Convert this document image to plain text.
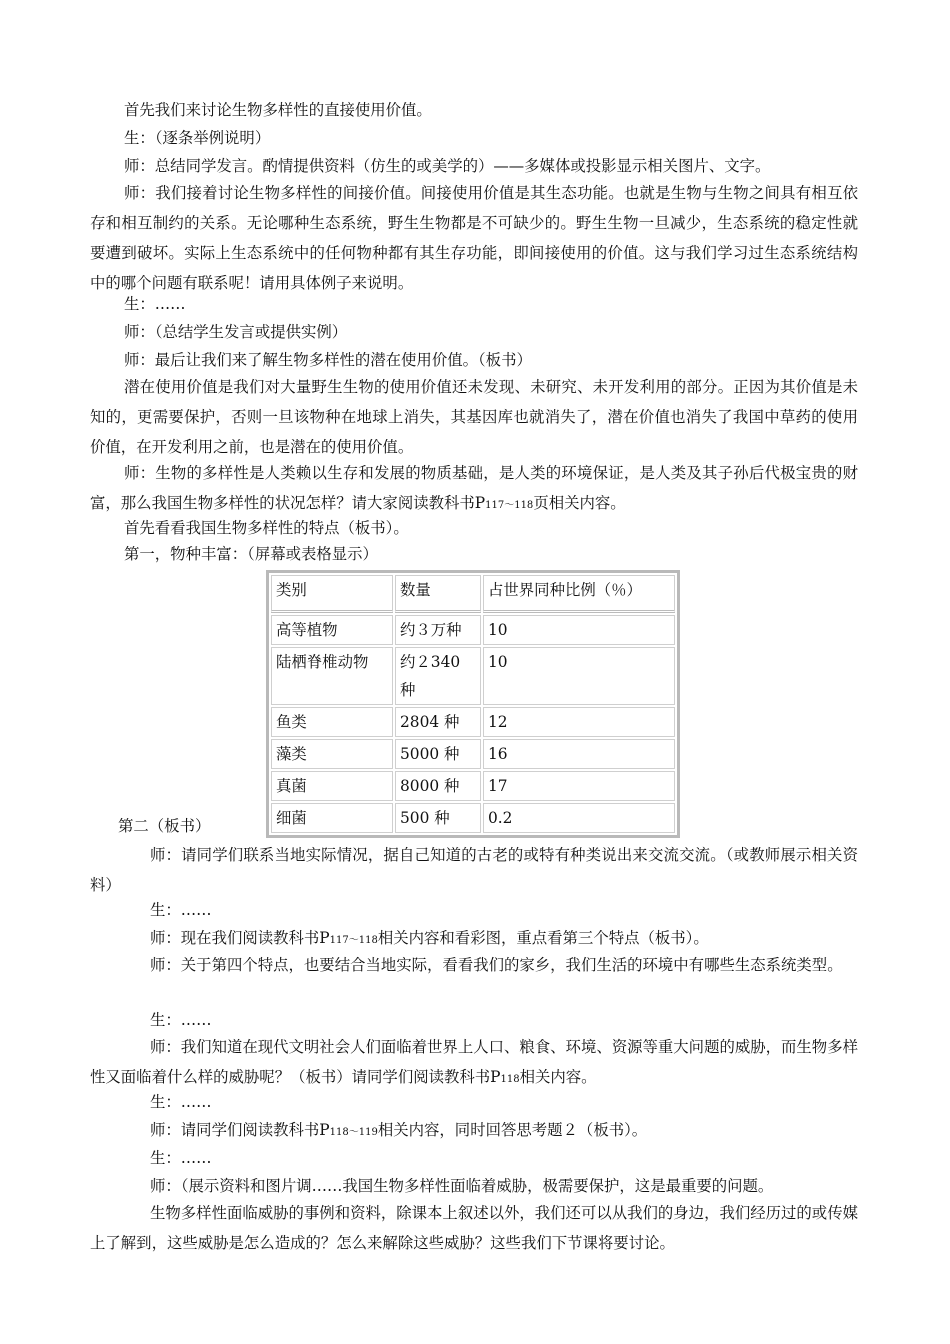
首先我们来讨论生物多样性的直接使用价值。

生：（逐条举例说明）

师：总结同学发言。酌情提供资料（仿生的或美学的）——多媒体或投影显示相关图片、文字。

师：我们接着讨论生物多样性的间接价值。间接使用价值是其生态功能。也就是生物与生物之间具有相互依存和相互制约的关系。无论哪种生态系统，野生生物都是不可缺少的。野生生物一旦减少，生态系统的稳定性就要遭到破坏。实际上生态系统中的任何物种都有其生存功能，即间接使用的价值。这与我们学习过生态系统结构中的哪个问题有联系呢！请用具体例子来说明。

生：……

师：（总结学生发言或提供实例）

师：最后让我们来了解生物多样性的潜在使用价值。（板书）

潜在使用价值是我们对大量野生生物的使用价值还未发现、未研究、未开发利用的部分。正因为其价值是未知的，更需要保护，否则一旦该物种在地球上消失，其基因库也就消失了，潜在价值也消失了我国中草药的使用价值，在开发利用之前，也是潜在的使用价值。

师：生物的多样性是人类赖以生存和发展的物质基础，是人类的环境保证，是人类及其子孙后代极宝贵的财富，那么我国生物多样性的状况怎样？请大家阅读教科书P117～118页相关内容。

首先看看我国生物多样性的特点（板书）。

第一，物种丰富：（屏幕或表格显示）

类别	数量	占世界同种比例（％）
高等植物	约３万种	10
陆栖脊椎动物	约２340 种	10
鱼类	2804 种	12
藻类	5000 种	16
真菌	8000 种	17
细菌	500 种	0.2

第二（板书）

师：请同学们联系当地实际情况，据自己知道的古老的或特有种类说出来交流交流。（或教师展示相关资料）

生：……

师：现在我们阅读教科书P117～118相关内容和看彩图，重点看第三个特点（板书）。

师：关于第四个特点，也要结合当地实际，看看我们的家乡，我们生活的环境中有哪些生态系统类型。

生：……

师：我们知道在现代文明社会人们面临着世界上人口、粮食、环境、资源等重大问题的威胁，而生物多样性又面临着什么样的威胁呢？（板书）请同学们阅读教科书P118相关内容。

生：……

师：请同学们阅读教科书P118～119相关内容，同时回答思考题２（板书）。

生：……

师：（展示资料和图片调……我国生物多样性面临着威胁，极需要保护，这是最重要的问题。

生物多样性面临威胁的事例和资料，除课本上叙述以外，我们还可以从我们的身边，我们经历过的或传媒上了解到，这些威胁是怎么造成的？怎么来解除这些威胁？这些我们下节课将要讨论。
